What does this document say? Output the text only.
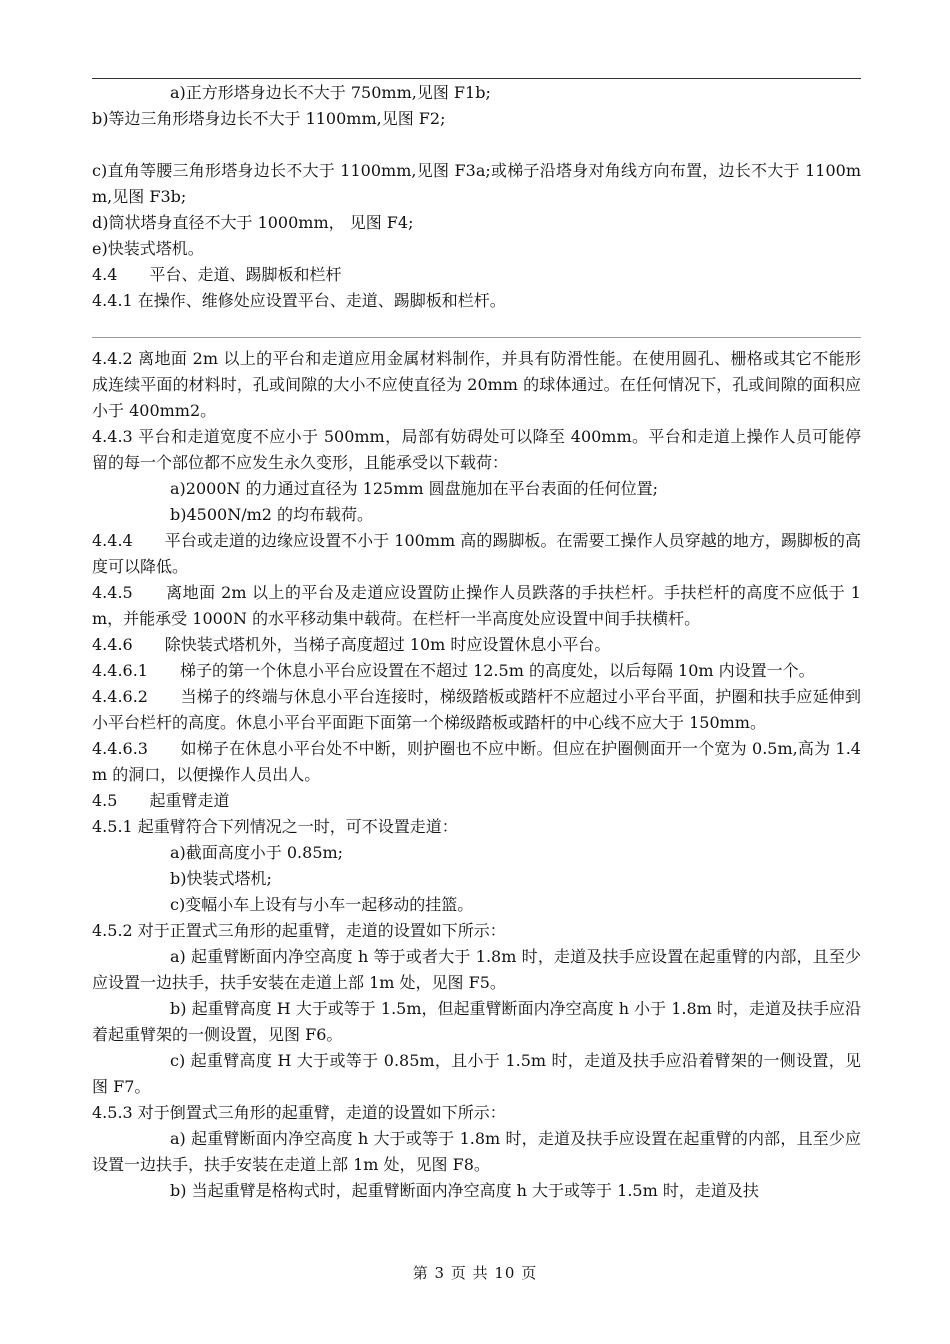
a)正方形塔身边长不大于 750mm,见图 F1b;

b)等边三角形塔身边长不大于 1100mm,见图 F2;

c)直角等腰三角形塔身边长不大于 1100mm,见图 F3a;或梯子沿塔身对角线方向布置，边长不大于 1100mm,见图 F3b;

d)筒状塔身直径不大于 1000mm， 见图 F4;

e)快装式塔机。

4.4　　平台、走道、踢脚板和栏杆

4.4.1 在操作、维修处应设置平台、走道、踢脚板和栏杆。

4.4.2 离地面 2m 以上的平台和走道应用金属材料制作，并具有防滑性能。在使用圆孔、栅格或其它不能形成连续平面的材料时，孔或间隙的大小不应使直径为 20mm 的球体通过。在任何情况下，孔或间隙的面积应小于 400mm2。

4.4.3 平台和走道宽度不应小于 500mm，局部有妨碍处可以降至 400mm。平台和走道上操作人员可能停留的每一个部位都不应发生永久变形，且能承受以下载荷：

a)2000N 的力通过直径为 125mm 圆盘施加在平台表面的任何位置;

b)4500N/m2 的均布载荷。

4.4.4　　平台或走道的边缘应设置不小于 100mm 高的踢脚板。在需要工操作人员穿越的地方，踢脚板的高度可以降低。

4.4.5　　离地面 2m 以上的平台及走道应设置防止操作人员跌落的手扶栏杆。手扶栏杆的高度不应低于 1m，并能承受 1000N 的水平移动集中载荷。在栏杆一半高度处应设置中间手扶横杆。

4.4.6　　除快装式塔机外，当梯子高度超过 10m 时应设置休息小平台。

4.4.6.1　　梯子的第一个休息小平台应设置在不超过 12.5m 的高度处，以后每隔 10m 内设置一个。

4.4.6.2　　当梯子的终端与休息小平台连接时，梯级踏板或踏杆不应超过小平台平面，护圈和扶手应延伸到小平台栏杆的高度。休息小平台平面距下面第一个梯级踏板或踏杆的中心线不应大于 150mm。

4.4.6.3　　如梯子在休息小平台处不中断，则护圈也不应中断。但应在护圈侧面开一个宽为 0.5m,高为 1.4m 的洞口，以便操作人员出人。

4.5　　起重臂走道

4.5.1 起重臂符合下列情况之一时，可不设置走道：

a)截面高度小于 0.85m;

b)快装式塔机;

c)变幅小车上设有与小车一起移动的挂篮。

4.5.2 对于正置式三角形的起重臂，走道的设置如下所示：

a) 起重臂断面内净空高度 h 等于或者大于 1.8m 时，走道及扶手应设置在起重臂的内部，且至少应设置一边扶手，扶手安装在走道上部 1m 处，见图 F5。

b) 起重臂高度 H 大于或等于 1.5m，但起重臂断面内净空高度 h 小于 1.8m 时，走道及扶手应沿着起重臂架的一侧设置，见图 F6。

c) 起重臂高度 H 大于或等于 0.85m，且小于 1.5m 时，走道及扶手应沿着臂架的一侧设置，见图 F7。

4.5.3 对于倒置式三角形的起重臂，走道的设置如下所示：

a) 起重臂断面内净空高度 h 大于或等于 1.8m 时，走道及扶手应设置在起重臂的内部，且至少应设置一边扶手，扶手安装在走道上部 1m 处，见图 F8。

b) 当起重臂是格构式时，起重臂断面内净空高度 h 大于或等于 1.5m 时，走道及扶

第 3 页 共 10 页
